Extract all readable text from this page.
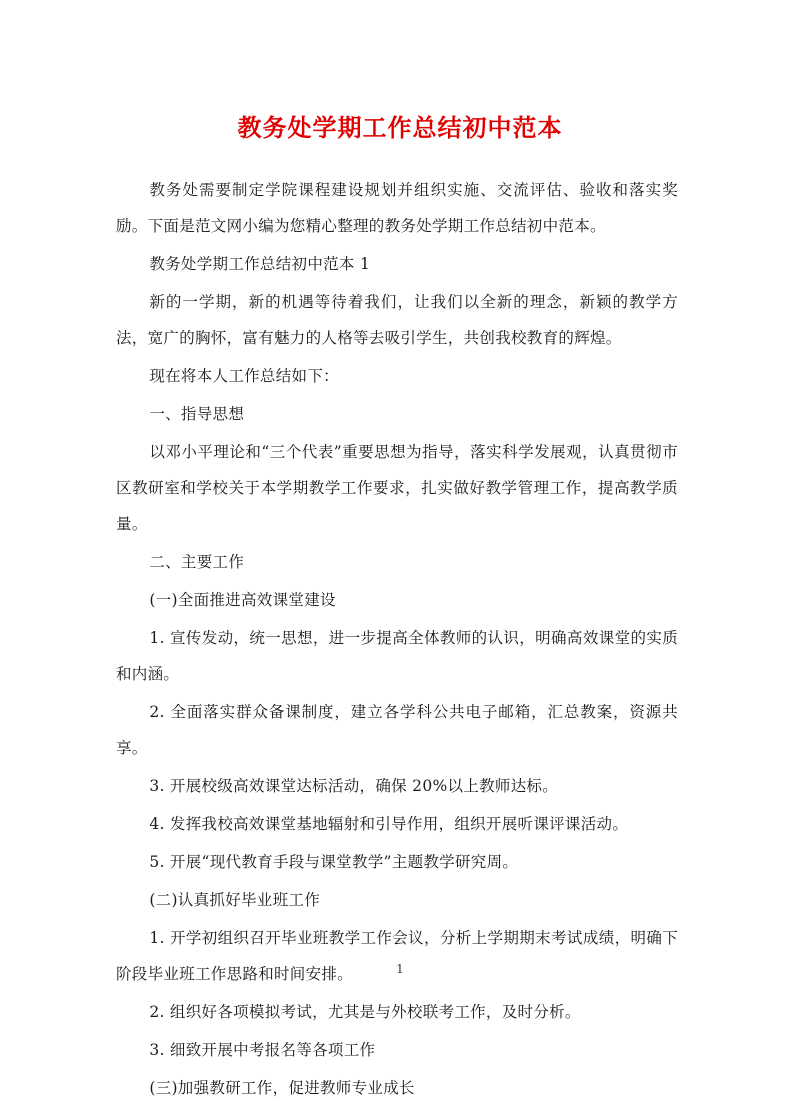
教务处学期工作总结初中范本

教务处需要制定学院课程建设规划并组织实施、交流评估、验收和落实奖励。下面是范文网小编为您精心整理的教务处学期工作总结初中范本。

教务处学期工作总结初中范本 1

新的一学期，新的机遇等待着我们，让我们以全新的理念，新颖的教学方法，宽广的胸怀，富有魅力的人格等去吸引学生，共创我校教育的辉煌。

现在将本人工作总结如下：

一、指导思想

以邓小平理论和“三个代表”重要思想为指导，落实科学发展观，认真贯彻市区教研室和学校关于本学期教学工作要求，扎实做好教学管理工作，提高教学质量。

二、主要工作

(一)全面推进高效课堂建设

1. 宣传发动，统一思想，进一步提高全体教师的认识，明确高效课堂的实质和内涵。

2. 全面落实群众备课制度，建立各学科公共电子邮箱，汇总教案，资源共享。

3. 开展校级高效课堂达标活动，确保 20%以上教师达标。

4. 发挥我校高效课堂基地辐射和引导作用，组织开展听课评课活动。

5. 开展“现代教育手段与课堂教学”主题教学研究周。

(二)认真抓好毕业班工作

1. 开学初组织召开毕业班教学工作会议，分析上学期期末考试成绩，明确下阶段毕业班工作思路和时间安排。

2. 组织好各项模拟考试，尤其是与外校联考工作，及时分析。

3. 细致开展中考报名等各项工作

(三)加强教研工作，促进教师专业成长

1
